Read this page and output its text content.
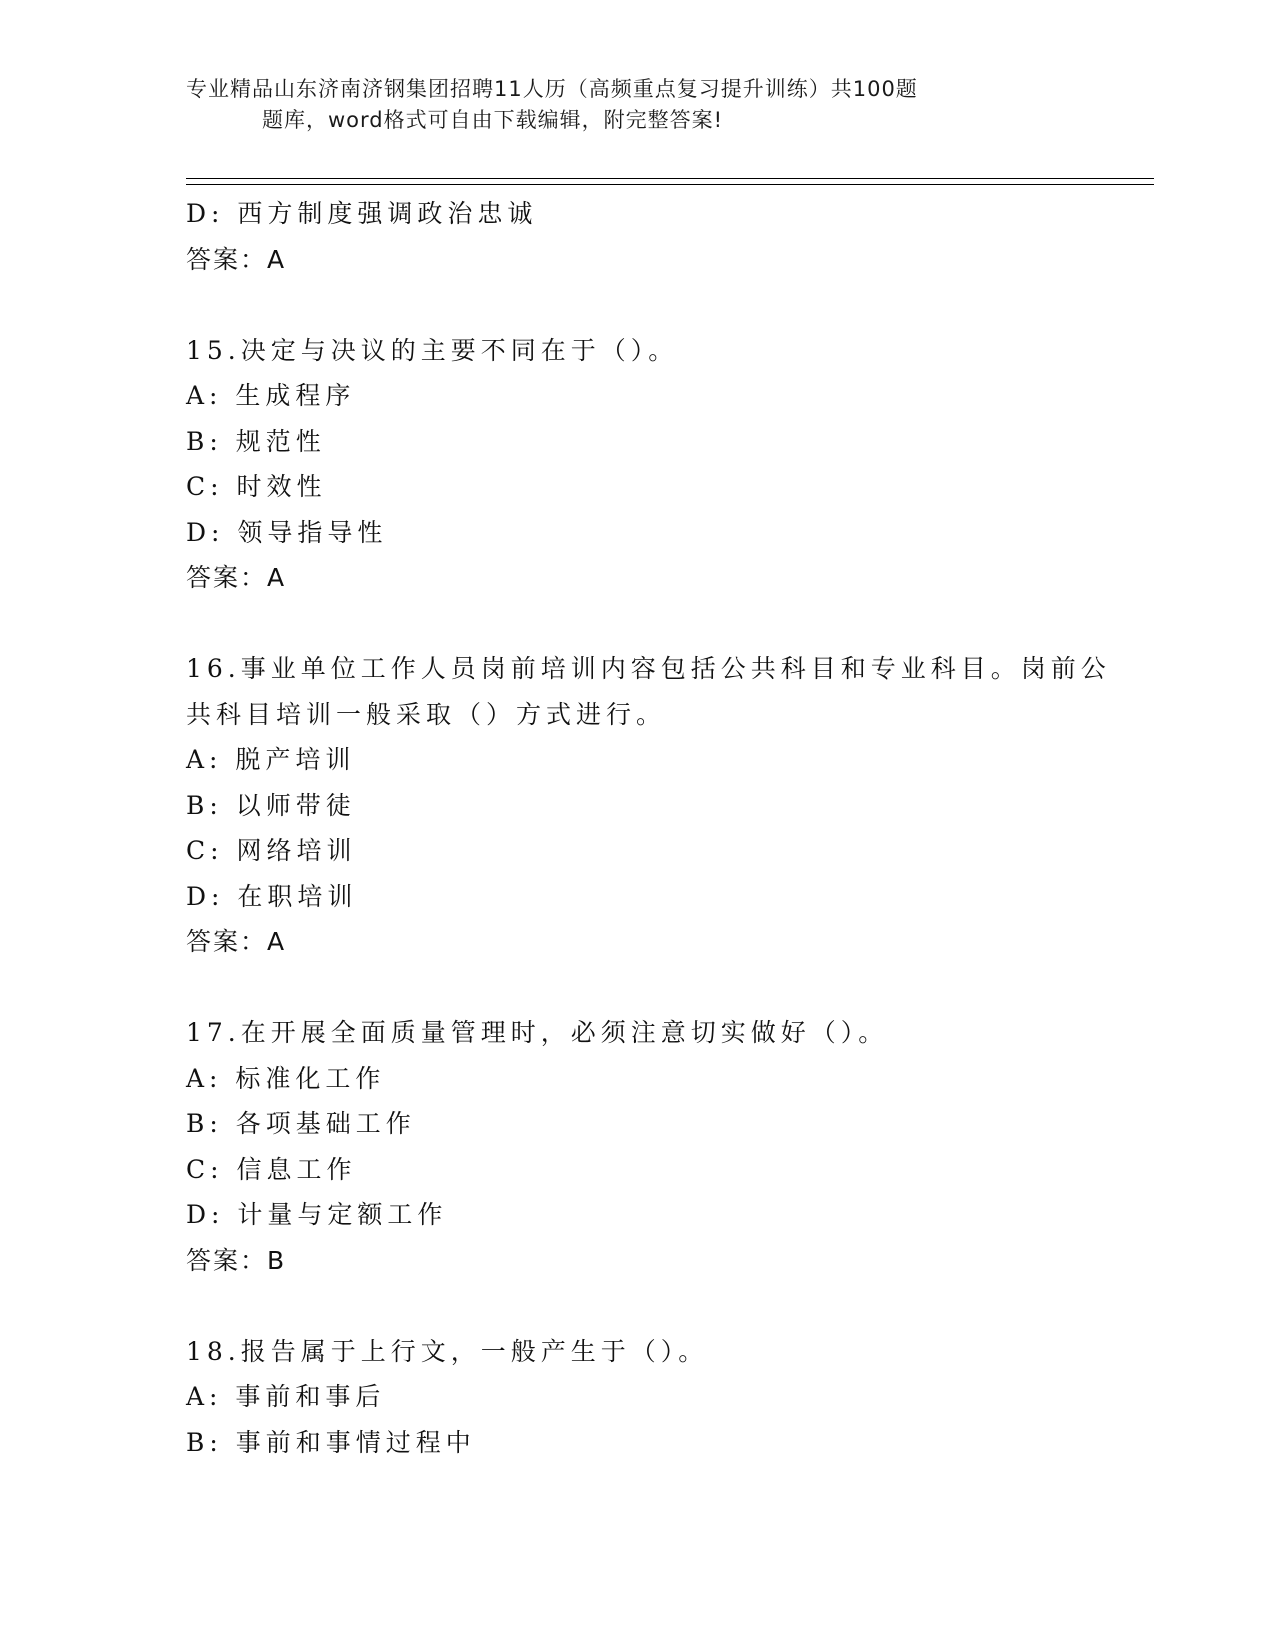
专业精品山东济南济钢集团招聘11人历（高频重点复习提升训练）共100题
题库，word格式可自由下载编辑，附完整答案!
D: 西方制度强调政治忠诚
答案：A
15.决定与决议的主要不同在于（）。
A: 生成程序
B: 规范性
C: 时效性
D: 领导指导性
答案：A
16.事业单位工作人员岗前培训内容包括公共科目和专业科目。岗前公
共科目培训一般采取（）方式进行。
A: 脱产培训
B: 以师带徒
C: 网络培训
D: 在职培训
答案：A
17.在开展全面质量管理时，必须注意切实做好（）。
A: 标准化工作
B: 各项基础工作
C: 信息工作
D: 计量与定额工作
答案：B
18.报告属于上行文，一般产生于（）。
A: 事前和事后
B: 事前和事情过程中
